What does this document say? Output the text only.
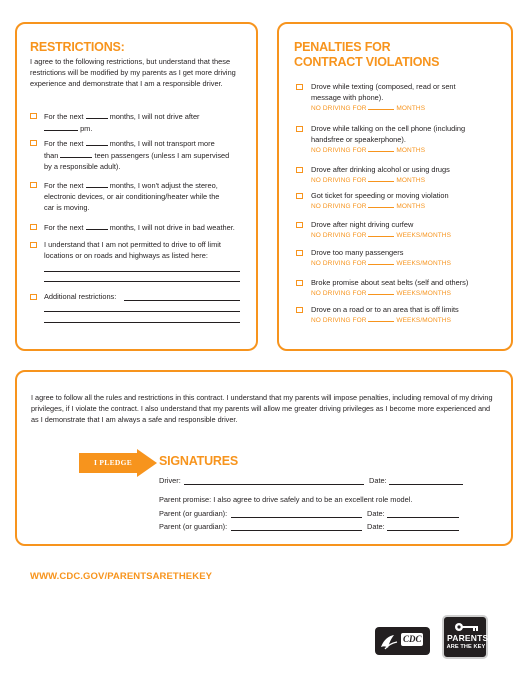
RESTRICTIONS:
I agree to the following restrictions, but understand that these restrictions will be modified by my parents as I get more driving experience and demonstrate that I am a responsible driver.
For the next	months, I will not drive after
pm.
For the next	months, I will not transport more
than	teen passengers (unless I am supervised
by a responsible adult).
For the next	months, I won't adjust the stereo,
electronic devices, or air conditioning/heater while the
car is moving.
For the next	months, I will not drive in bad weather.
I understand that I am not permitted to drive to off limit
locations or on roads and highways as listed here:
Additional restrictions:
PENALTIES FOR
CONTRACT VIOLATIONS
Drove while texting (composed, read or sent
message with phone).
NO DRIVING FOR	MONTHS
Drove while talking on the cell phone (including
handsfree or speakerphone).
NO DRIVING FOR	MONTHS
Drove after drinking alcohol or using drugs
NO DRIVING FOR	MONTHS
Got ticket for speeding or moving violation
NO DRIVING FOR	MONTHS
Drove after night driving curfew
NO DRIVING FOR	WEEKS/MONTHS
Drove too many passengers
NO DRIVING FOR	WEEKS/MONTHS
Broke promise about seat belts (self and others)
NO DRIVING FOR	WEEKS/MONTHS
Drove on a road or to an area that is off limits
NO DRIVING FOR	WEEKS/MONTHS
I agree to follow all the rules and restrictions in this contract. I understand that my parents will impose penalties, including removal of my driving privileges, if I violate the contract. I also understand that my parents will allow me greater driving privileges as I become more experienced and as I demonstrate that I am always a safe and responsible driver.
I PLEDGE SIGNATURES
Driver:	Date:
Parent promise: I also agree to drive safely and to be an excellent role model.
Parent (or guardian):	Date:
Parent (or guardian):	Date:
WWW.CDC.GOV/PARENTSARETHEKEY
CDC	PARENTS
ARE THE KEY
